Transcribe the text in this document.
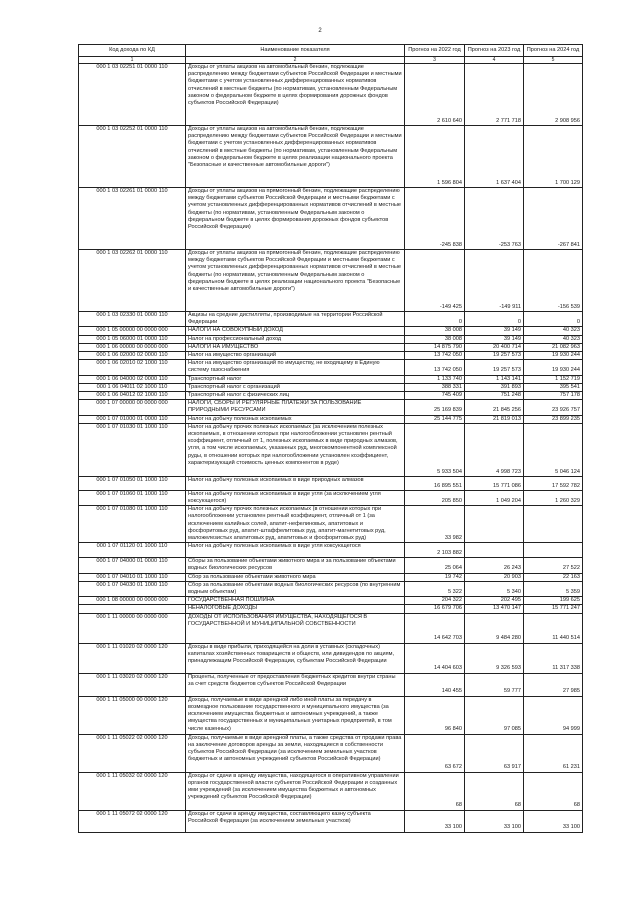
2
Код дохода по КД	Наименование показателя	Прогноз на 2022 год	Прогноз на 2023 год	Прогноз на 2024 год
1	2	3	4	5
000 1 03 02251 01 0000 110	Доходы от уплаты акцизов на автомобильный бензин, подлежащие распределению между бюджетами субъектов Российской Федерации и местными бюджетами с учетом установленных дифференцированных нормативов отчислений в местные бюджеты (по нормативам, установленным Федеральным законом о федеральном бюджете в целях формирования дорожных фондов субъектов Российской Федерации)	2 610 640	2 771 718	2 908 956
000 1 03 02252 01 0000 110	Доходы от уплаты акцизов на автомобильный бензин, подлежащие распределению между бюджетами субъектов Российской Федерации и местными бюджетами с учетом установленных дифференцированных нормативов отчислений в местные бюджеты (по нормативам, установленным Федеральным законом о федеральном бюджете в целях реализации национального проекта "Безопасные и качественные автомобильные дороги")	1 596 804	1 637 404	1 700 129
000 1 03 02261 01 0000 110	Доходы от уплаты акцизов на прямогонный бензин, подлежащие распределению между бюджетами субъектов Российской Федерации и местными бюджетами с учетом установленных дифференцированных нормативов отчислений в местные бюджеты (по нормативам, установленным Федеральным законом о федеральном бюджете в целях формирования дорожных фондов субъектов Российской Федерации)	-245 838	-253 763	-267 841
000 1 03 02262 01 0000 110	Доходы от уплаты акцизов на прямогонный бензин, подлежащие распределению между бюджетами субъектов Российской Федерации и местными бюджетами с учетом установленных дифференцированных нормативов отчислений в местные бюджеты (по нормативам, установленным Федеральным законом о федеральном бюджете в целях реализации национального проекта "Безопасные и качественные автомобильные дороги")	-149 425	-149 911	-156 539
000 1 03 02330 01 0000 110	Акцизы на средние дистилляты, производимые на территории Российской Федерации	0	0	0
000 1 05 00000 00 0000 000	НАЛОГИ НА СОВОКУПНЫЙ ДОХОД	38 008	39 149	40 323
000 1 05 06000 01 0000 110	Налог на профессиональный доход	38 008	39 149	40 323
000 1 06 00000 00 0000 000	НАЛОГИ НА ИМУЩЕСТВО	14 875 790	20 400 714	21 082 963
000 1 06 02000 02 0000 110	Налог на имущество организаций	13 742 050	19 257 573	19 930 244
000 1 06 02010 02 1000 110	Налог на имущество организаций по имуществу, не входящему в Единую систему газоснабжения	13 742 050	19 257 573	19 930 244
000 1 06 04000 02 0000 110	Транспортный налог	1 133 740	1 143 141	1 152 719
000 1 06 04011 02 1000 110	Транспортный налог с организаций	388 331	391 893	395 541
000 1 06 04012 02 1000 110	Транспортный налог с физических лиц	745 409	751 248	757 178
000 1 07 00000 00 0000 000	НАЛОГИ, СБОРЫ И РЕГУЛЯРНЫЕ ПЛАТЕЖИ ЗА ПОЛЬЗОВАНИЕ ПРИРОДНЫМИ РЕСУРСАМИ	25 169 839	21 845 256	23 926 757
000 1 07 01000 01 0000 110	Налог на добычу полезных ископаемых	25 144 775	21 819 013	23 899 235
000 1 07 01030 01 1000 110	Налог на добычу прочих полезных ископаемых (за исключением полезных ископаемых, в отношении которых при налогообложении установлен рентный коэффициент, отличный от 1, полезных ископаемых в виде природных алмазов, угля, а том числе ископаемых, указанных руд, многокомпонентной комплексной руды, в отношении которых при налогообложении установлен коэффициент, характеризующий стоимость ценных компонентов в руде)	5 933 504	4 998 723	5 046 124
000 1 07 01050 01 1000 110	Налог на добычу полезных ископаемых в виде природных алмазов	16 895 551	15 771 086	17 592 782
000 1 07 01060 01 1000 110	Налог на добычу полезных ископаемых в виде угля (за исключением угля коксующегося)	205 850	1 049 204	1 260 329
000 1 07 01080 01 1000 110	Налог на добычу прочих полезных ископаемых (в отношении которых при налогообложении установлен рентный коэффициент, отличный от 1 (за исключением калийных солей, апатит-нефелиновых, апатитовых и фосфоритовых руд, апатит-штаффелитовых руд, апатит-магнетитовых руд, маложелезистых апатитовых руд, апатитовых и фосфоритовых руд)	33 982		
000 1 07 01120 01 1000 110	Налог на добычу полезных ископаемых в виде угля коксующегося	2 103 882		
000 1 07 04000 01 0000 110	Сборы за пользование объектами животного мира и за пользование объектами водных биологических ресурсов	25 064	26 243	27 522
000 1 07 04010 01 1000 110	Сбор за пользование объектами животного мира	19 742	20 903	22 163
000 1 07 04030 01 1000 110	Сбор за пользование объектами водных биологических ресурсов (по внутренним водным объектам)	5 322	5 340	5 359
000 1 08 00000 00 0000 000	ГОСУДАРСТВЕННАЯ ПОШЛИНА	204 322	202 495	199 625
	НЕНАЛОГОВЫЕ ДОХОДЫ	16 679 706	13 470 147	15 771 247
000 1 11 00000 00 0000 000	ДОХОДЫ ОТ ИСПОЛЬЗОВАНИЯ ИМУЩЕСТВА, НАХОДЯЩЕГОСЯ В ГОСУДАРСТВЕННОЙ И МУНИЦИПАЛЬНОЙ СОБСТВЕННОСТИ	14 642 703	9 484 280	11 440 514
000 1 11 01020 02 0000 120	Доходы в виде прибыли, приходящейся на доли в уставных (складочных) капиталах хозяйственных товариществ и обществ, или дивидендов по акциям, принадлежащим Российской Федерации, субъектам Российской Федерации	14 404 603	9 326 593	11 317 338
000 1 11 03020 02 0000 120	Проценты, полученные от предоставления бюджетных кредитов внутри страны за счет средств бюджетов субъектов Российской Федерации	140 455	59 777	27 985
000 1 11 05000 00 0000 120	Доходы, получаемые в виде арендной либо иной платы за передачу в возмездное пользование государственного и муниципального имущества (за исключением имущества бюджетных и автономных учреждений, а также имущества государственных и муниципальных унитарных предприятий, в том числе казенных)	96 840	97 085	94 999
000 1 11 05022 02 0000 120	Доходы, получаемые в виде арендной платы, а также средства от продажи права на заключение договоров аренды за земли, находящиеся в собственности субъектов Российской Федерации (за исключением земельных участков бюджетных и автономных учреждений субъектов Российской Федерации)	63 672	63 917	61 231
000 1 11 05032 02 0000 120	Доходы от сдачи в аренду имущества, находящегося в оперативном управлении органов государственной власти субъектов Российской Федерации и созданных ими учреждений (за исключением имущества бюджетных и автономных учреждений субъектов Российской Федерации)	68	68	68
000 1 11 05072 02 0000 120	Доходы от сдачи в аренду имущества, составляющего казну субъекта Российской Федерации (за исключением земельных участков)	33 100	33 100	33 100
